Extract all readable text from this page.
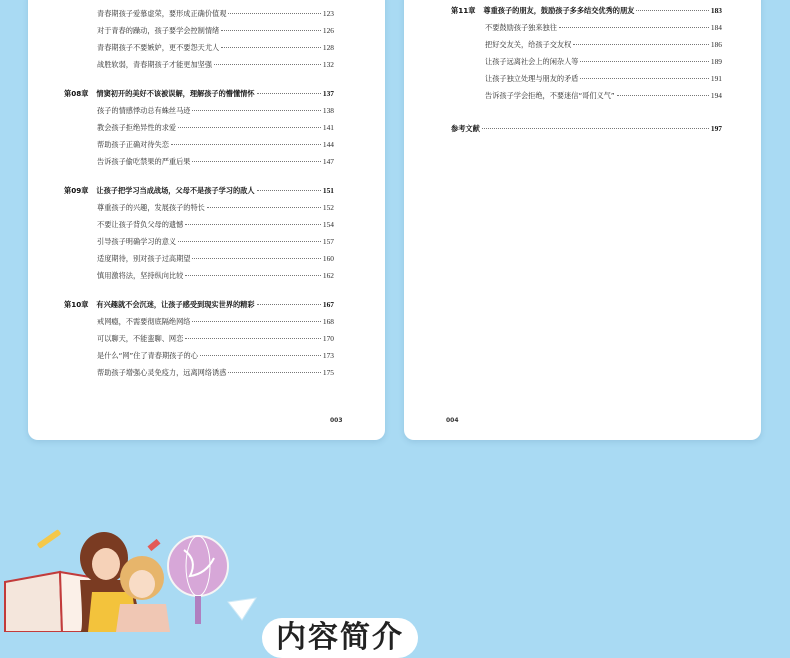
青春期孩子爱慕虚荣，要形成正确价值观	123
对于青春的躁动，孩子要学会控制情绪	126
青春期孩子不要嫉妒，更不要怨天尤人	128
战胜软弱，青春期孩子才能更加坚强	132
第08章 情窦初开的美好不该被误解，理解孩子的懵懂情怀	137
孩子的情感悸动总有蛛丝马迹	138
教会孩子拒绝异性的求爱	141
帮助孩子正确对待失恋	144
告诉孩子偷吃禁果的严重后果	147
第09章 让孩子把学习当成战场，父母不是孩子学习的敌人	151
尊重孩子的兴趣，发展孩子的特长	152
不要让孩子背负父母的遗憾	154
引导孩子明确学习的意义	157
适度期待，别对孩子过高期望	160
慎用激将法，坚持纵向比较	162
第10章 有兴趣就不会沉迷，让孩子感受到现实世界的精彩	167
戒网瘾，不需要彻底隔绝网络	168
可以聊天，不能蛮聊、网恋	170
是什么“网”住了青春期孩子的心	173
帮助孩子增强心灵免疫力，远离网络诱惑	175
003
第11章 尊重孩子的朋友，鼓励孩子多多结交优秀的朋友	183
不要鼓励孩子独来独往	184
把好交友关，给孩子交友权	186
让孩子远离社会上的闲杂人等	189
让孩子独立处理与朋友的矛盾	191
告诉孩子学会拒绝，不要迷信“哥们义气”	194
参考文献	197
004
内容简介
